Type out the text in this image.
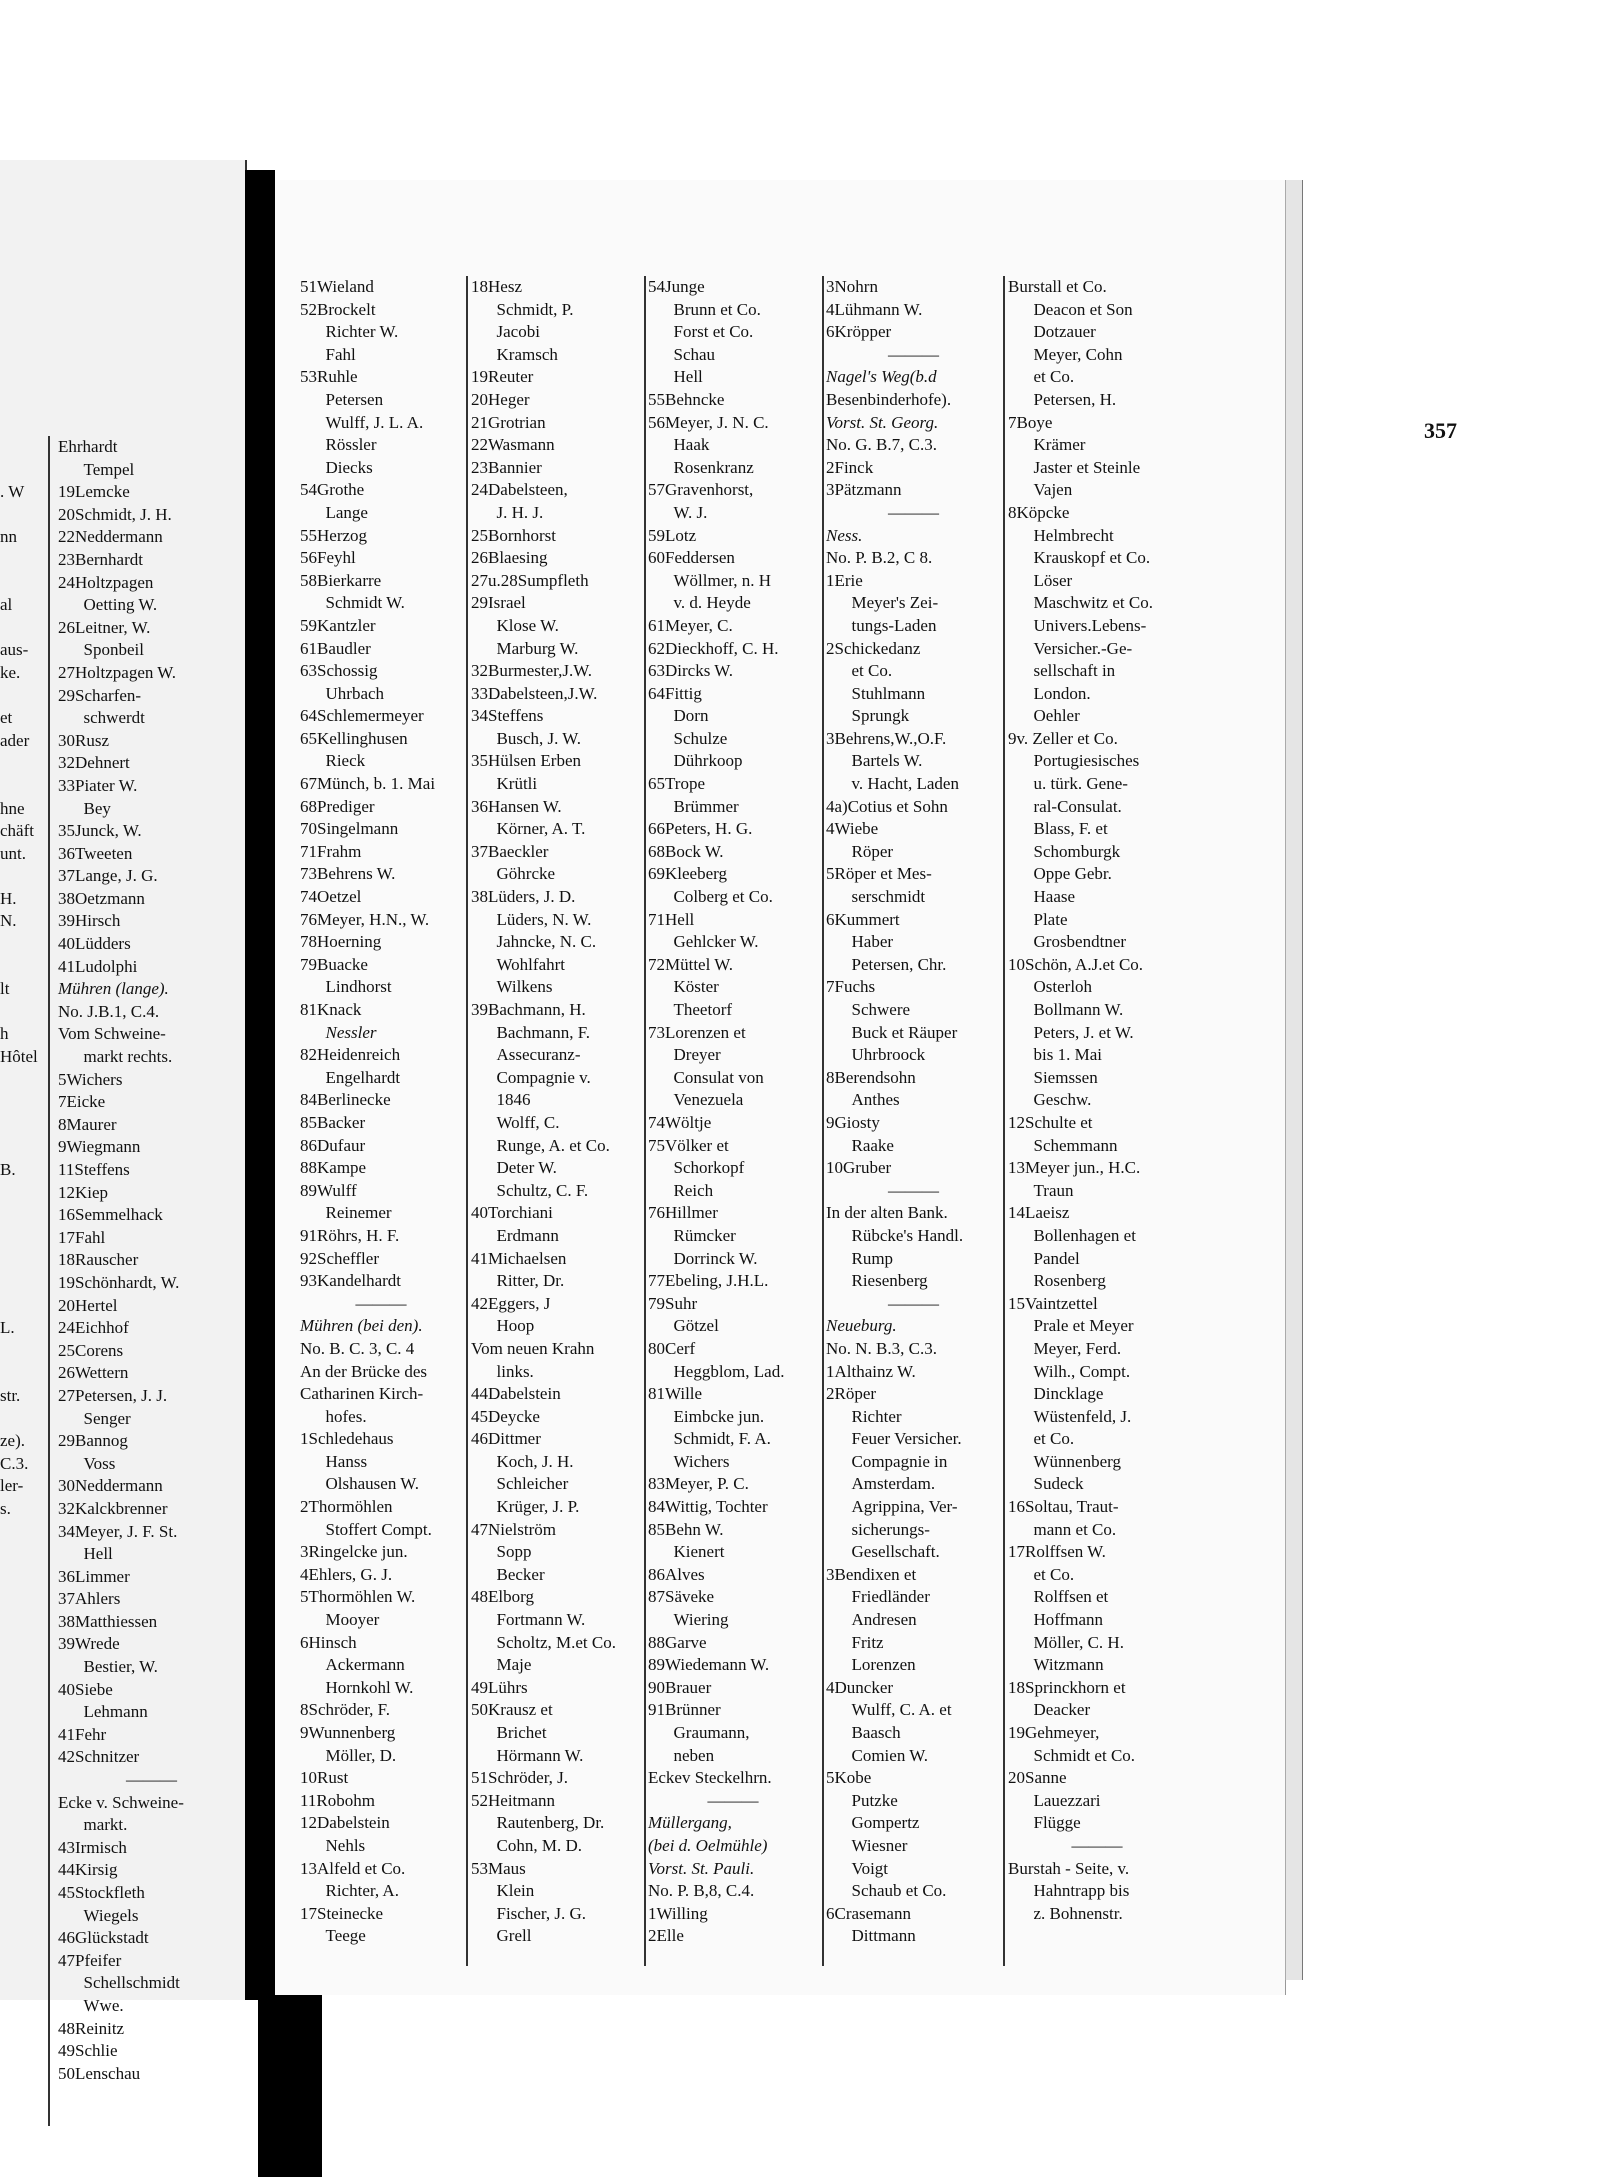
. W
nn
al
aus-
ke.
et
ader
hne
chäft
unt.
H.
N.
lt
h
Hôtel
B.
L.
str.
ze).
C.3.
ler-
s.
Ehrhardt
Tempel
19Lemcke
20Schmidt, J. H.
22Neddermann
23Bernhardt
24Holtzpagen
Oetting W.
26Leitner, W.
Sponbeil
27Holtzpagen W.
29Scharfen-
schwerdt
30Rusz
32Dehnert
33Piater W.
Bey
35Junck, W.
36Tweeten
37Lange, J. G.
38Oetzmann
39Hirsch
40Lüdders
41Ludolphi
Mühren (lange).
No. J.B.1, C.4.
Vom Schweine-
markt rechts.
5Wichers
7Eicke
8Maurer
9Wiegmann
11Steffens
12Kiep
16Semmelhack
17Fahl
18Rauscher
19Schönhardt, W.
20Hertel
24Eichhof
25Corens
26Wettern
27Petersen, J. J.
Senger
29Bannog
Voss
30Neddermann
32Kalckbrenner
34Meyer, J. F. St.
Hell
36Limmer
37Ahlers
38Matthiessen
39Wrede
Bestier, W.
40Siebe
Lehmann
41Fehr
42Schnitzer
———
Ecke v. Schweine-
markt.
43Irmisch
44Kirsig
45Stockfleth
Wiegels
46Glückstadt
47Pfeifer
Schellschmidt
Wwe.
48Reinitz
49Schlie
50Lenschau
357
51Wieland
52Brockelt
Richter W.
Fahl
53Ruhle
Petersen
Wulff, J. L. A.
Rössler
Diecks
54Grothe
Lange
55Herzog
56Feyhl
58Bierkarre
Schmidt W.
59Kantzler
61Baudler
63Schossig
Uhrbach
64Schlemermeyer
65Kellinghusen
Rieck
67Münch, b. 1. Mai
68Prediger
70Singelmann
71Frahm
73Behrens W.
74Oetzel
76Meyer, H.N., W.
78Hoerning
79Buacke
Lindhorst
81Knack
Nessler
82Heidenreich
Engelhardt
84Berlinecke
85Backer
86Dufaur
88Kampe
89Wulff
Reinemer
91Röhrs, H. F.
92Scheffler
93Kandelhardt
———
Mühren (bei den).
No. B. C. 3, C. 4
An der Brücke des
Catharinen Kirch-
hofes.
1Schledehaus
Hanss
Olshausen W.
2Thormöhlen
Stoffert Compt.
3Ringelcke jun.
4Ehlers, G. J.
5Thormöhlen W.
Mooyer
6Hinsch
Ackermann
Hornkohl W.
8Schröder, F.
9Wunnenberg
Möller, D.
10Rust
11Robohm
12Dabelstein
Nehls
13Alfeld et Co.
Richter, A.
17Steinecke
Teege
18Hesz
Schmidt, P.
Jacobi
Kramsch
19Reuter
20Heger
21Grotrian
22Wasmann
23Bannier
24Dabelsteen,
J. H. J.
25Bornhorst
26Blaesing
27u.28Sumpfleth
29Israel
Klose W.
Marburg W.
32Burmester,J.W.
33Dabelsteen,J.W.
34Steffens
Busch, J. W.
35Hülsen Erben
Krütli
36Hansen W.
Körner, A. T.
37Baeckler
Göhrcke
38Lüders, J. D.
Lüders, N. W.
Jahncke, N. C.
Wohlfahrt
Wilkens
39Bachmann, H.
Bachmann, F.
Assecuranz-
Compagnie v.
1846
Wolff, C.
Runge, A. et Co.
Deter W.
Schultz, C. F.
40Torchiani
Erdmann
41Michaelsen
Ritter, Dr.
42Eggers, J
Hoop
Vom neuen Krahn
links.
44Dabelstein
45Deycke
46Dittmer
Koch, J. H.
Schleicher
Krüger, J. P.
47Nielström
Sopp
Becker
48Elborg
Fortmann W.
Scholtz, M.et Co.
Maje
49Lührs
50Krausz et
Brichet
Hörmann W.
51Schröder, J.
52Heitmann
Rautenberg, Dr.
Cohn, M. D.
53Maus
Klein
Fischer, J. G.
Grell
54Junge
Brunn et Co.
Forst et Co.
Schau
Hell
55Behncke
56Meyer, J. N. C.
Haak
Rosenkranz
57Gravenhorst,
W. J.
59Lotz
60Feddersen
Wöllmer, n. H
v. d. Heyde
61Meyer, C.
62Dieckhoff, C. H.
63Dircks W.
64Fittig
Dorn
Schulze
Dührkoop
65Trope
Brümmer
66Peters, H. G.
68Bock W.
69Kleeberg
Colberg et Co.
71Hell
Gehlcker W.
72Müttel W.
Köster
Theetorf
73Lorenzen et
Dreyer
Consulat von
Venezuela
74Wöltje
75Völker et
Schorkopf
Reich
76Hillmer
Rümcker
Dorrinck W.
77Ebeling, J.H.L.
79Suhr
Götzel
80Cerf
Heggblom, Lad.
81Wille
Eimbcke jun.
Schmidt, F. A.
Wichers
83Meyer, P. C.
84Wittig, Tochter
85Behn W.
Kienert
86Alves
87Säveke
Wiering
88Garve
89Wiedemann W.
90Brauer
91Brünner
Graumann,
neben
Eckev Steckelhrn.
———
Müllergang,
(bei d. Oelmühle)
Vorst. St. Pauli.
No. P. B,8, C.4.
1Willing
2Elle
3Nohrn
4Lühmann W.
6Kröpper
———
Nagel's Weg(b.d
Besenbinderhofe).
Vorst. St. Georg.
No. G. B.7, C.3.
2Finck
3Pätzmann
———
Ness.
No. P. B.2, C 8.
1Erie
Meyer's Zei-
tungs-Laden
2Schickedanz
et Co.
Stuhlmann
Sprungk
3Behrens,W.,O.F.
Bartels W.
v. Hacht, Laden
4a)Cotius et Sohn
4Wiebe
Röper
5Röper et Mes-
serschmidt
6Kummert
Haber
Petersen, Chr.
7Fuchs
Schwere
Buck et Räuper
Uhrbroock
8Berendsohn
Anthes
9Giosty
Raake
10Gruber
———
In der alten Bank.
Rübcke's Handl.
Rump
Riesenberg
———
Neueburg.
No. N. B.3, C.3.
1Althainz W.
2Röper
Richter
Feuer Versicher.
Compagnie in
Amsterdam.
Agrippina, Ver-
sicherungs-
Gesellschaft.
3Bendixen et
Friedländer
Andresen
Fritz
Lorenzen
4Duncker
Wulff, C. A. et
Baasch
Comien W.
5Kobe
Putzke
Gompertz
Wiesner
Voigt
Schaub et Co.
6Crasemann
Dittmann
Burstall et Co.
Deacon et Son
Dotzauer
Meyer, Cohn
et Co.
Petersen, H.
7Boye
Krämer
Jaster et Steinle
Vajen
8Köpcke
Helmbrecht
Krauskopf et Co.
Löser
Maschwitz et Co.
Univers.Lebens-
Versicher.-Ge-
sellschaft in
London.
Oehler
9v. Zeller et Co.
Portugiesisches
u. türk. Gene-
ral-Consulat.
Blass, F. et
Schomburgk
Oppe Gebr.
Haase
Plate
Grosbendtner
10Schön, A.J.et Co.
Osterloh
Bollmann W.
Peters, J. et W.
bis 1. Mai
Siemssen
Geschw.
12Schulte et
Schemmann
13Meyer jun., H.C.
Traun
14Laeisz
Bollenhagen et
Pandel
Rosenberg
15Vaintzettel
Prale et Meyer
Meyer, Ferd.
Wilh., Compt.
Dincklage
Wüstenfeld, J.
et Co.
Wünnenberg
Sudeck
16Soltau, Traut-
mann et Co.
17Rolffsen W.
et Co.
Rolffsen et
Hoffmann
Möller, C. H.
Witzmann
18Sprinckhorn et
Deacker
19Gehmeyer,
Schmidt et Co.
20Sanne
Lauezzari
Flügge
———
Burstah - Seite, v.
Hahntrapp bis
z. Bohnenstr.
